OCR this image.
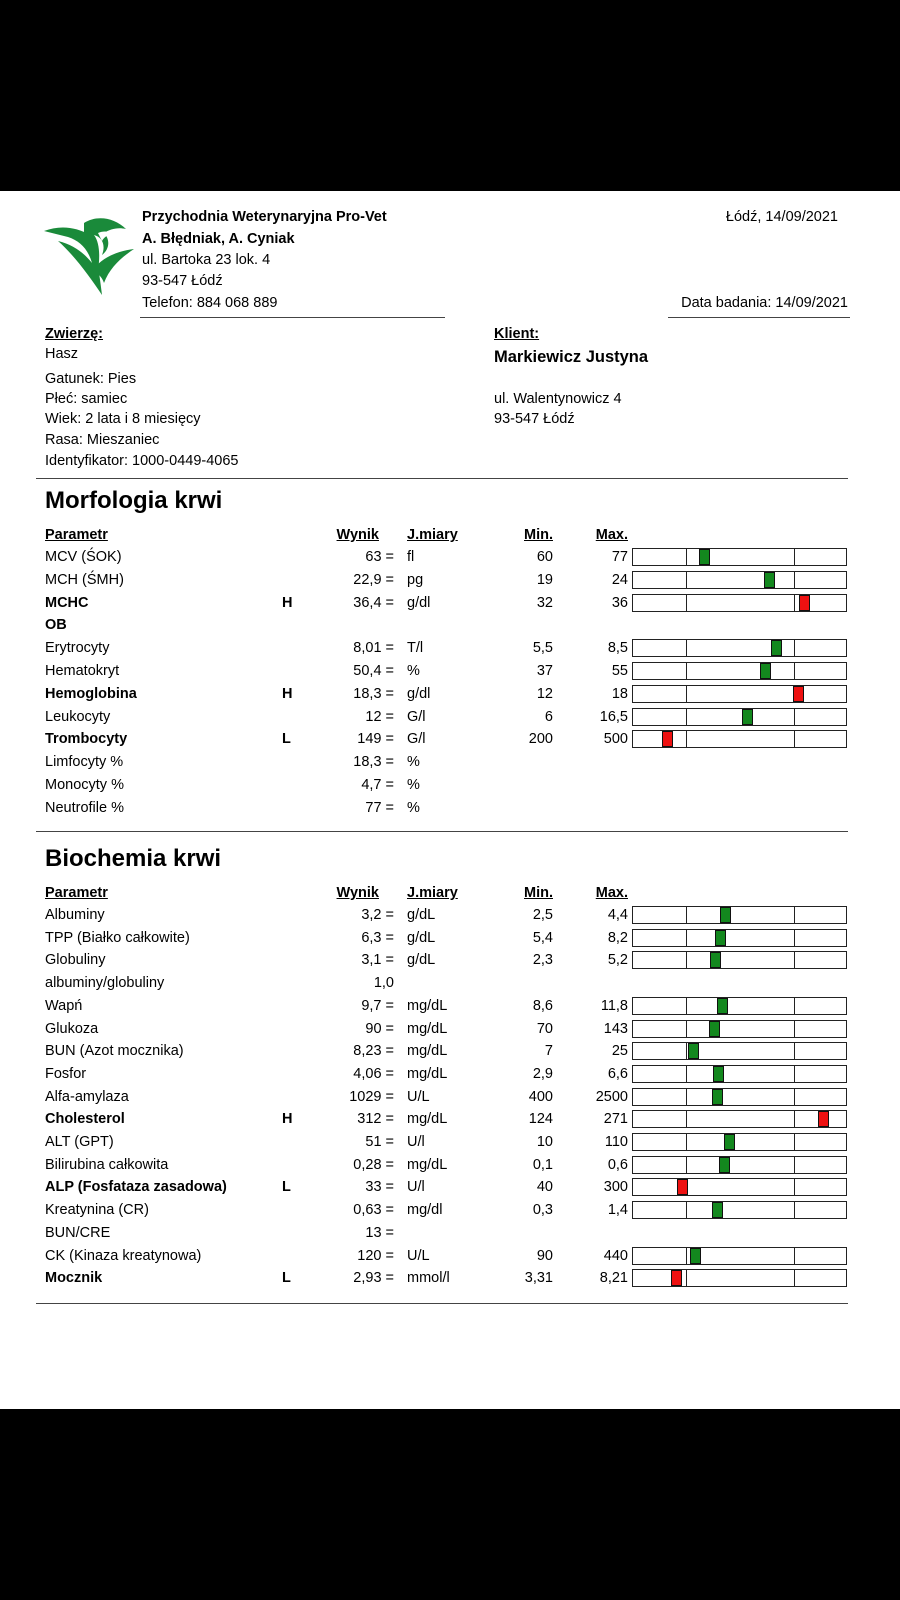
Przychodnia Weterynaryjna Pro-Vet
A. Błędniak, A. Cyniak
ul. Bartoka 23 lok. 4
93-547 Łódź
Telefon: 884 068 889
Łódź, 14/09/2021
Data badania: 14/09/2021
Zwierzę:
Hasz
Gatunek: Pies
Płeć: samiec
Wiek: 2 lata i 8 miesięcy
Rasa: Mieszaniec
Identyfikator: 1000-0449-4065
Klient:
Markiewicz Justyna
ul. Walentynowicz 4
93-547 Łódź
Morfologia krwi
Parametr	Wynik J.miary	Min.	Max.
MCV (ŚOK)	63 = fl	60	77
MCH (ŚMH)	22,9 = pg	19	24
MCHC	H	36,4 = g/dl	32	36
OB
Erytrocyty	8,01 = T/l	5,5	8,5
Hematokryt	50,4 = %	37	55
Hemoglobina	H	18,3 = g/dl	12	18
Leukocyty	12 = G/l	6	16,5
Trombocyty	L	149 = G/l	200	500
Limfocyty %	18,3 = %
Monocyty %	4,7 = %
Neutrofile %	77 = %
Biochemia krwi
Parametr	Wynik J.miary	Min.	Max.
Albuminy	3,2 = g/dL	2,5	4,4
TPP (Białko całkowite)	6,3 = g/dL	5,4	8,2
Globuliny	3,1 = g/dL	2,3	5,2
albuminy/globuliny	1,0
Wapń	9,7 = mg/dL	8,6	11,8
Glukoza	90 = mg/dL	70	143
BUN (Azot mocznika)	8,23 = mg/dL	7	25
Fosfor	4,06 = mg/dL	2,9	6,6
Alfa-amylaza	1029 = U/L	400	2500
Cholesterol	H	312 = mg/dL	124	271
ALT (GPT)	51 = U/l	10	110
Bilirubina całkowita	0,28 = mg/dL	0,1	0,6
ALP (Fosfataza zasadowa)	L	33 = U/l	40	300
Kreatynina (CR)	0,63 = mg/dl	0,3	1,4
BUN/CRE	13 =
CK (Kinaza kreatynowa)	120 = U/L	90	440
Mocznik	L	2,93 = mmol/l	3,31	8,21
